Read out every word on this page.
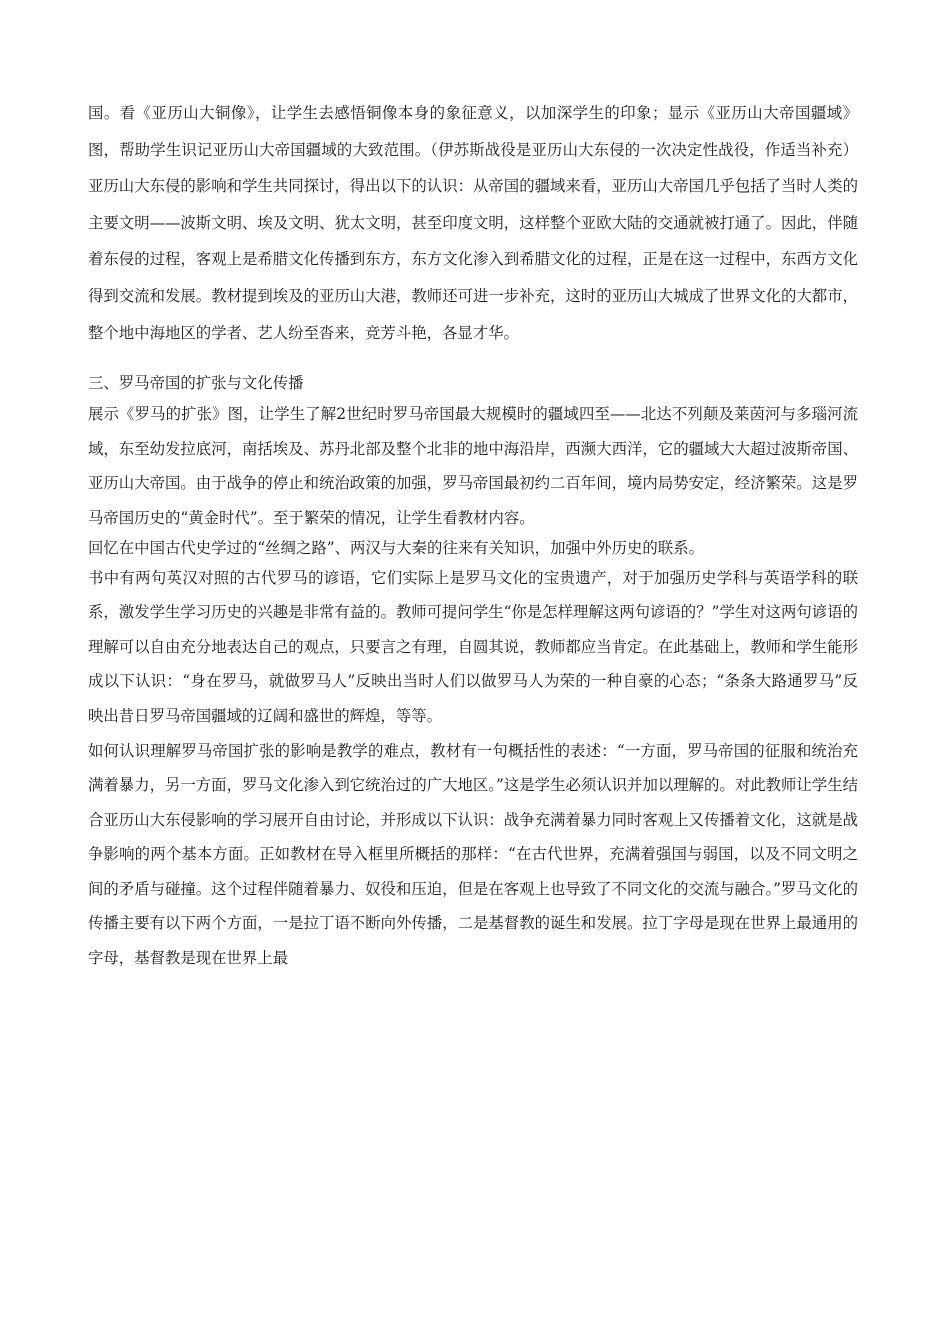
国。看《亚历山大铜像》，让学生去感悟铜像本身的象征意义，以加深学生的印象；显示《亚历山大帝国疆域》图，帮助学生识记亚历山大帝国疆域的大致范围。（伊苏斯战役是亚历山大东侵的一次决定性战役，作适当补充）亚历山大东侵的影响和学生共同探讨，得出以下的认识：从帝国的疆域来看，亚历山大帝国几乎包括了当时人类的主要文明——波斯文明、埃及文明、犹太文明，甚至印度文明，这样整个亚欧大陆的交通就被打通了。因此，伴随着东侵的过程，客观上是希腊文化传播到东方，东方文化渗入到希腊文化的过程，正是在这一过程中，东西方文化得到交流和发展。教材提到埃及的亚历山大港，教师还可进一步补充，这时的亚历山大城成了世界文化的大都市，整个地中海地区的学者、艺人纷至沓来，竞芳斗艳，各显才华。

三、罗马帝国的扩张与文化传播

展示《罗马的扩张》图，让学生了解2世纪时罗马帝国最大规模时的疆域四至——北达不列颠及莱茵河与多瑙河流域，东至幼发拉底河，南括埃及、苏丹北部及整个北非的地中海沿岸，西濒大西洋，它的疆域大大超过波斯帝国、亚历山大帝国。由于战争的停止和统治政策的加强，罗马帝国最初约二百年间，境内局势安定，经济繁荣。这是罗马帝国历史的“黄金时代”。至于繁荣的情况，让学生看教材内容。

回忆在中国古代史学过的“丝绸之路”、两汉与大秦的往来有关知识，加强中外历史的联系。

书中有两句英汉对照的古代罗马的谚语，它们实际上是罗马文化的宝贵遗产，对于加强历史学科与英语学科的联系，激发学生学习历史的兴趣是非常有益的。教师可提问学生“你是怎样理解这两句谚语的？”学生对这两句谚语的理解可以自由充分地表达自己的观点，只要言之有理，自圆其说，教师都应当肯定。在此基础上，教师和学生能形成以下认识：“身在罗马，就做罗马人”反映出当时人们以做罗马人为荣的一种自豪的心态；“条条大路通罗马”反映出昔日罗马帝国疆域的辽阔和盛世的辉煌，等等。

如何认识理解罗马帝国扩张的影响是教学的难点，教材有一句概括性的表述：“一方面，罗马帝国的征服和统治充满着暴力，另一方面，罗马文化渗入到它统治过的广大地区。”这是学生必须认识并加以理解的。对此教师让学生结合亚历山大东侵影响的学习展开自由讨论，并形成以下认识：战争充满着暴力同时客观上又传播着文化，这就是战争影响的两个基本方面。正如教材在导入框里所概括的那样：“在古代世界，充满着强国与弱国，以及不同文明之间的矛盾与碰撞。这个过程伴随着暴力、奴役和压迫，但是在客观上也导致了不同文化的交流与融合。”罗马文化的传播主要有以下两个方面，一是拉丁语不断向外传播，二是基督教的诞生和发展。拉丁字母是现在世界上最通用的字母，基督教是现在世界上最
